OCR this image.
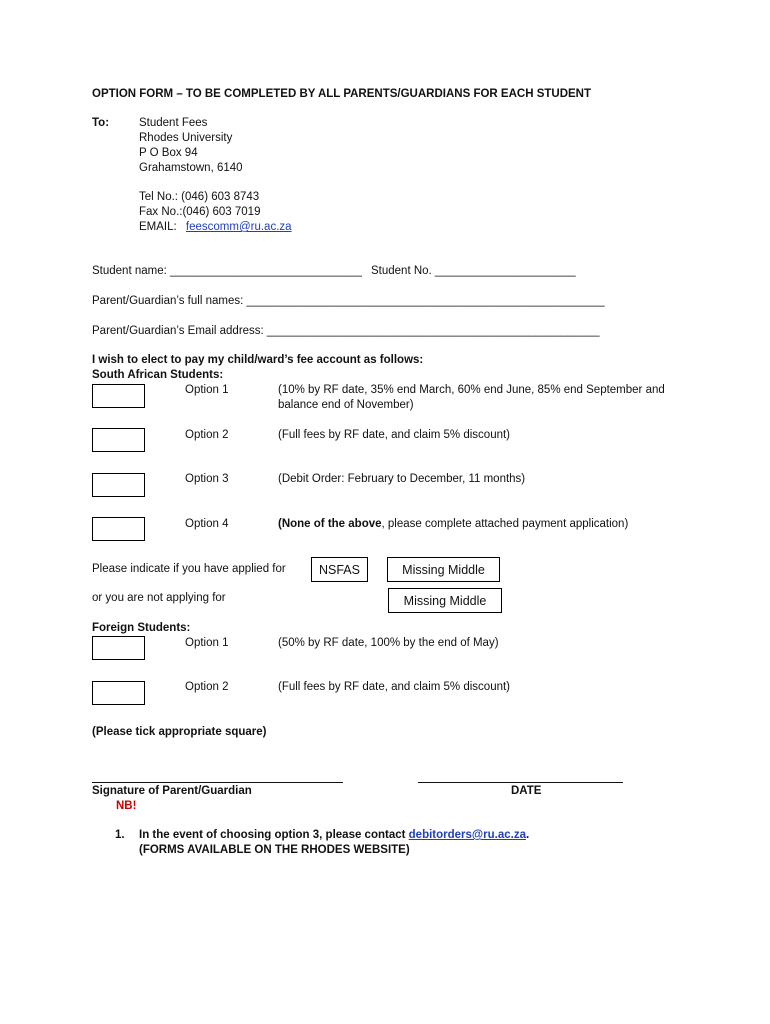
OPTION FORM – TO BE COMPLETED BY ALL PARENTS/GUARDIANS FOR EACH STUDENT
To:	Student Fees
Rhodes University
P O Box 94
Grahamstown, 6140
Tel No.: (046) 603 8743
Fax No.:(046) 603 7019
EMAIL: feescomm@ru.ac.za
Student name: ______________________________ Student No. ______________________
Parent/Guardian’s full names: ________________________________________________________
Parent/Guardian’s Email address: ____________________________________________________
I wish to elect to pay my child/ward’s fee account as follows:
South African Students:
Option 1	(10% by RF date, 35% end March, 60% end June, 85% end September and
balance end of November)
Option 2	(Full fees by RF date, and claim 5% discount)
Option 3	(Debit Order: February to December, 11 months)
Option 4	(None of the above, please complete attached payment application)
Please indicate if you have applied for	NSFAS	Missing Middle
or you are not applying for	Missing Middle
Foreign Students:
Option 1	(50% by RF date, 100% by the end of May)
Option 2	(Full fees by RF date, and claim 5% discount)
(Please tick appropriate square)
Signature of Parent/Guardian	DATE
NB!
1. In the event of choosing option 3, please contact debitorders@ru.ac.za.
(FORMS AVAILABLE ON THE RHODES WEBSITE)
